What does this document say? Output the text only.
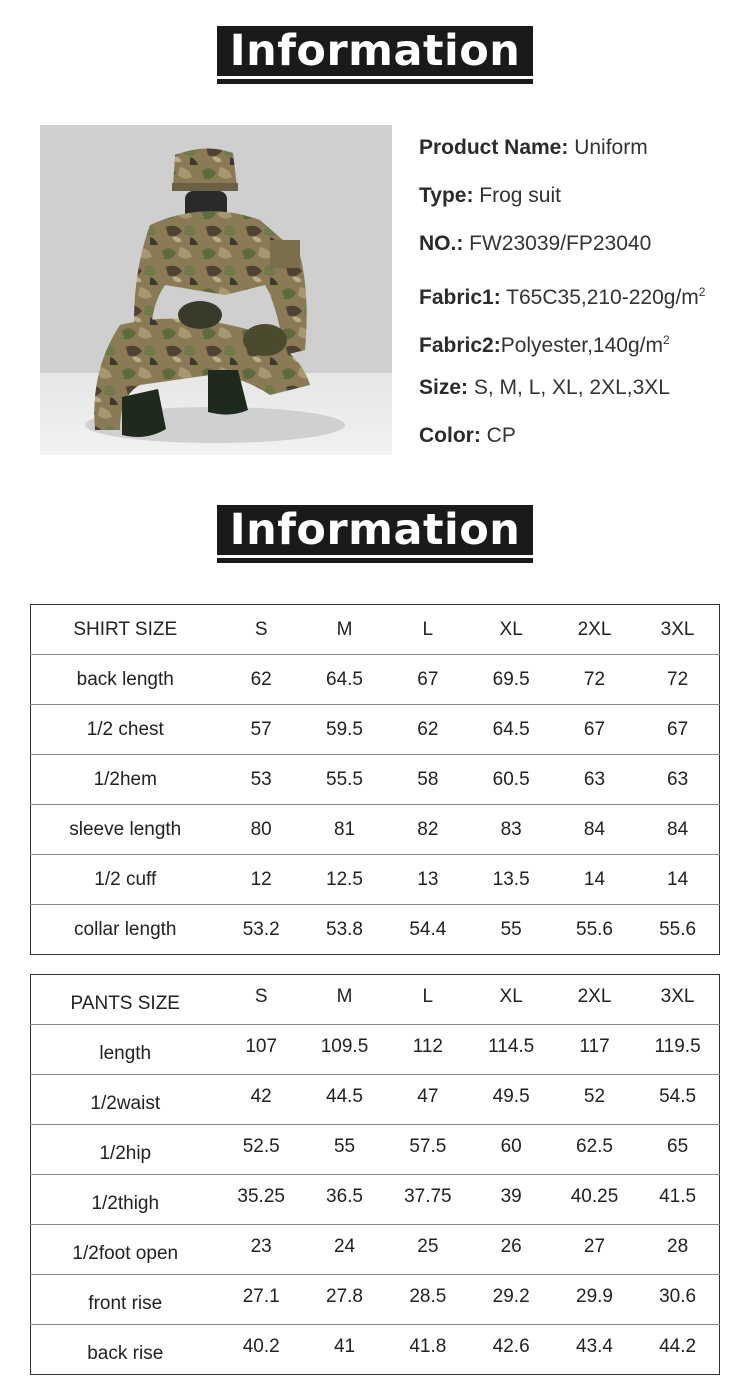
Information
Product Name: Uniform
Type: Frog suit
NO.: FW23039/FP23040
Fabric1: $T65C35,210-220g/m^2$
$Fabric2:Polyester,140g/m^2$
Size: S, M, L, XL, 2XL,3XL
Color: CP
Information
SHIRT SIZE	S	M	L	XL	2XL	3XL
back length	62	64.5	67	69.5	72	72
1/2 chest	57	59.5	62	64.5	67	67
1/2hem	53	55.5	58	60.5	63	63
sleeve length	80	81	82	83	84	84
1/2 cuff	12	12.5	13	13.5	14	14
collar length	53.2	53.8	54.4	55	55.6	55.6
PANTS SIZE	S	M	L	XL	2XL	3XL
length	107	109.5	112	114.5	117	119.5
1/2waist	42	44.5	47	49.5	52	54.5
1/2hip	52.5	55	57.5	60	62.5	65
1/2thigh	35.25	36.5	37.75	39	40.25	41.5
1/2foot open	23	24	25	26	27	28
front rise	27.1	27.8	28.5	29.2	29.9	30.6
back rise	40.2	41	41.8	42.6	43.4	44.2
